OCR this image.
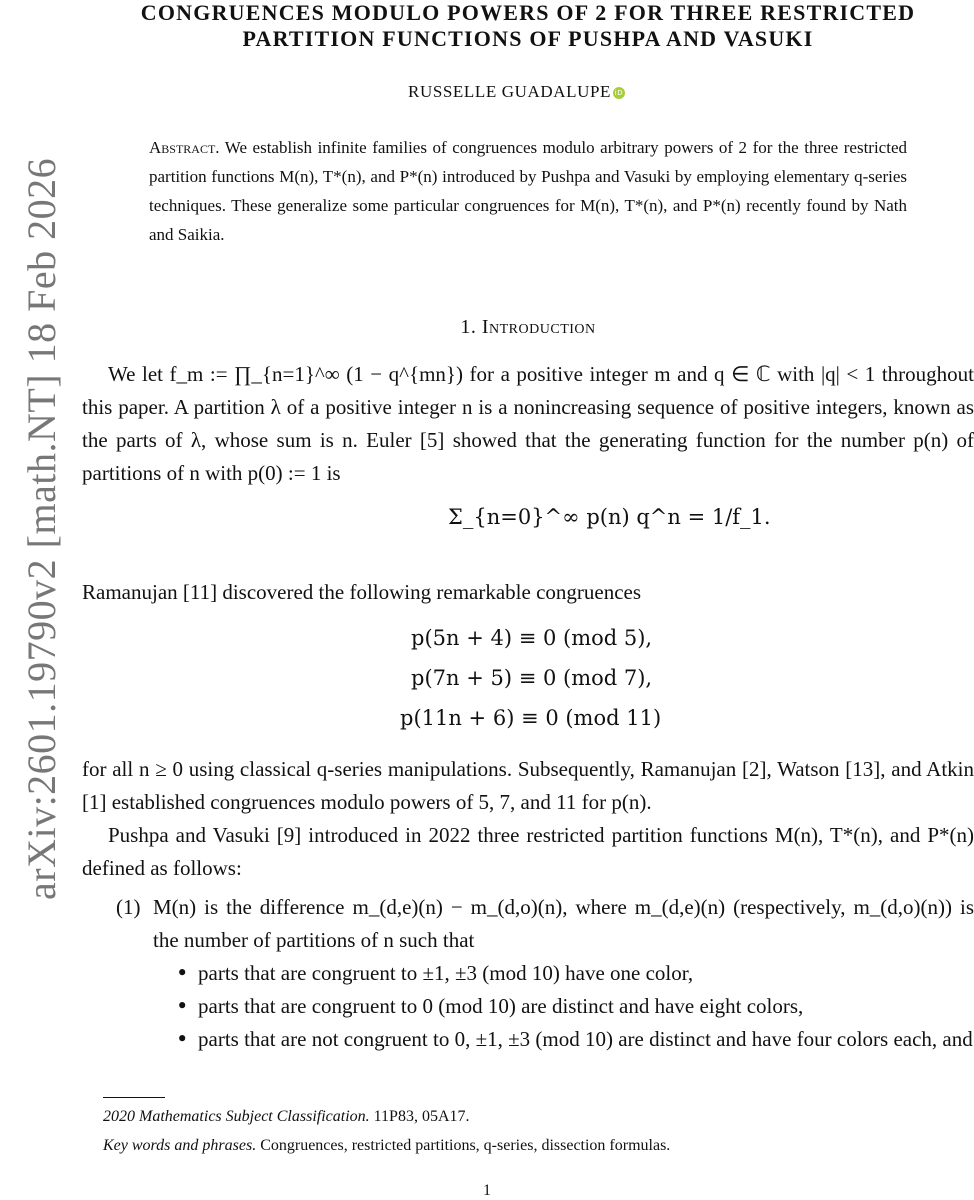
arXiv:2601.19790v2 [math.NT] 18 Feb 2026
CONGRUENCES MODULO POWERS OF 2 FOR THREE RESTRICTED
PARTITION FUNCTIONS OF PUSHPA AND VASUKI
RUSSELLE GUADALUPE iD
Abstract. We establish infinite families of congruences modulo arbitrary powers of 2 for the three restricted partition functions M(n), T*(n), and P*(n) introduced by Pushpa and Vasuki by employing elementary q-series techniques. These generalize some particular congruences for M(n), T*(n), and P*(n) recently found by Nath and Saikia.
1. Introduction
We let f_m := ∏_{n=1}^∞ (1 − q^{mn}) for a positive integer m and q ∈ ℂ with |q| < 1 throughout this paper. A partition λ of a positive integer n is a nonincreasing sequence of positive integers, known as the parts of λ, whose sum is n. Euler [5] showed that the generating function for the number p(n) of partitions of n with p(0) := 1 is
Σ_{n=0}^∞ p(n) q^n = 1/f_1.
Ramanujan [11] discovered the following remarkable congruences
p(5n + 4) ≡ 0 (mod 5),
p(7n + 5) ≡ 0 (mod 7),
p(11n + 6) ≡ 0 (mod 11)
for all n ≥ 0 using classical q-series manipulations. Subsequently, Ramanujan [2], Watson [13], and Atkin [1] established congruences modulo powers of 5, 7, and 11 for p(n).
Pushpa and Vasuki [9] introduced in 2022 three restricted partition functions M(n), T*(n), and P*(n) defined as follows:
(1) M(n) is the difference m_(d,e)(n) − m_(d,o)(n), where m_(d,e)(n) (respectively, m_(d,o)(n)) is the number of partitions of n such that
• parts that are congruent to ±1, ±3 (mod 10) have one color,
• parts that are congruent to 0 (mod 10) are distinct and have eight colors,
• parts that are not congruent to 0, ±1, ±3 (mod 10) are distinct and have four colors each, and
2020 Mathematics Subject Classification. 11P83, 05A17.
Key words and phrases. Congruences, restricted partitions, q-series, dissection formulas.
1
